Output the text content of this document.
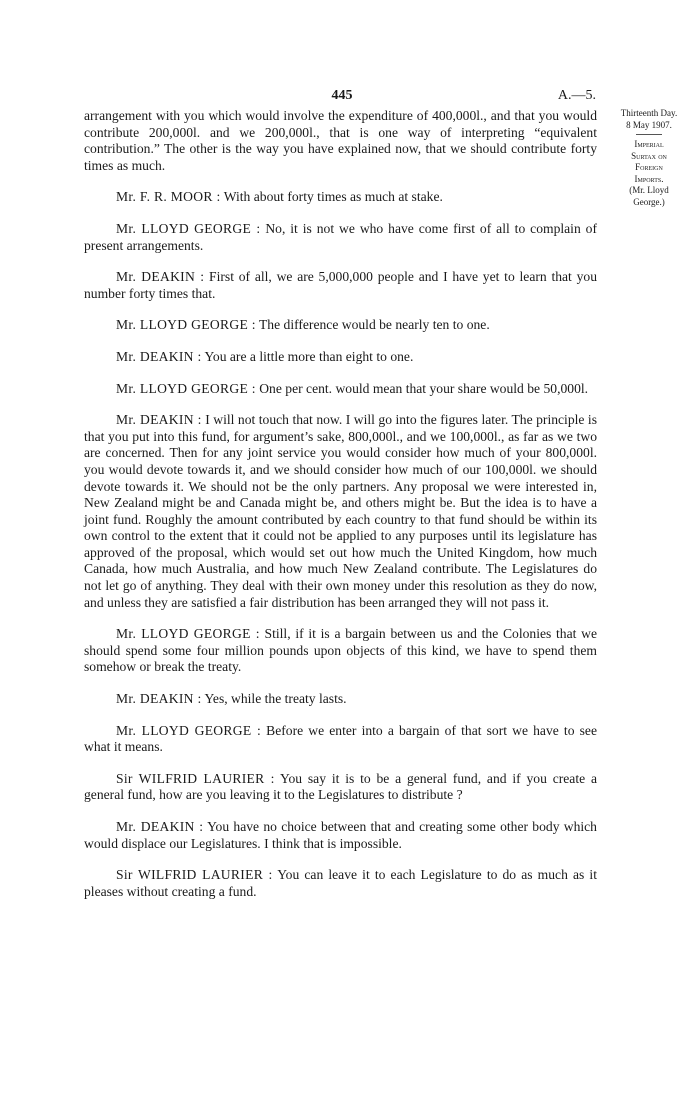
445	A.—5.
Thirteenth Day.
8 May 1907.
Imperial
Surtax on
Foreign
Imports.
(Mr. Lloyd
George.)

arrangement with you which would involve the expenditure of 400,000l., and that you would contribute 200,000l. and we 200,000l., that is one way of interpreting “equivalent contribution.” The other is the way you have explained now, that we should contribute forty times as much.

Mr. F. R. MOOR : With about forty times as much at stake.

Mr. LLOYD GEORGE : No, it is not we who have come first of all to complain of present arrangements.

Mr. DEAKIN : First of all, we are 5,000,000 people and I have yet to learn that you number forty times that.

Mr. LLOYD GEORGE : The difference would be nearly ten to one.

Mr. DEAKIN : You are a little more than eight to one.

Mr. LLOYD GEORGE : One per cent. would mean that your share would be 50,000l.

Mr. DEAKIN : I will not touch that now. I will go into the figures later. The principle is that you put into this fund, for argument’s sake, 800,000l., and we 100,000l., as far as we two are concerned. Then for any joint service you would consider how much of your 800,000l. you would devote towards it, and we should consider how much of our 100,000l. we should devote towards it. We should not be the only partners. Any proposal we were interested in, New Zealand might be and Canada might be, and others might be. But the idea is to have a joint fund. Roughly the amount contributed by each country to that fund should be within its own control to the extent that it could not be applied to any purposes until its legislature has approved of the proposal, which would set out how much the United Kingdom, how much Canada, how much Australia, and how much New Zealand contribute. The Legislatures do not let go of anything. They deal with their own money under this resolution as they do now, and unless they are satisfied a fair distribution has been arranged they will not pass it.

Mr. LLOYD GEORGE : Still, if it is a bargain between us and the Colonies that we should spend some four million pounds upon objects of this kind, we have to spend them somehow or break the treaty.

Mr. DEAKIN : Yes, while the treaty lasts.

Mr. LLOYD GEORGE : Before we enter into a bargain of that sort we have to see what it means.

Sir WILFRID LAURIER : You say it is to be a general fund, and if you create a general fund, how are you leaving it to the Legislatures to distribute ?

Mr. DEAKIN : You have no choice between that and creating some other body which would displace our Legislatures. I think that is impossible.

Sir WILFRID LAURIER : You can leave it to each Legislature to do as much as it pleases without creating a fund.
